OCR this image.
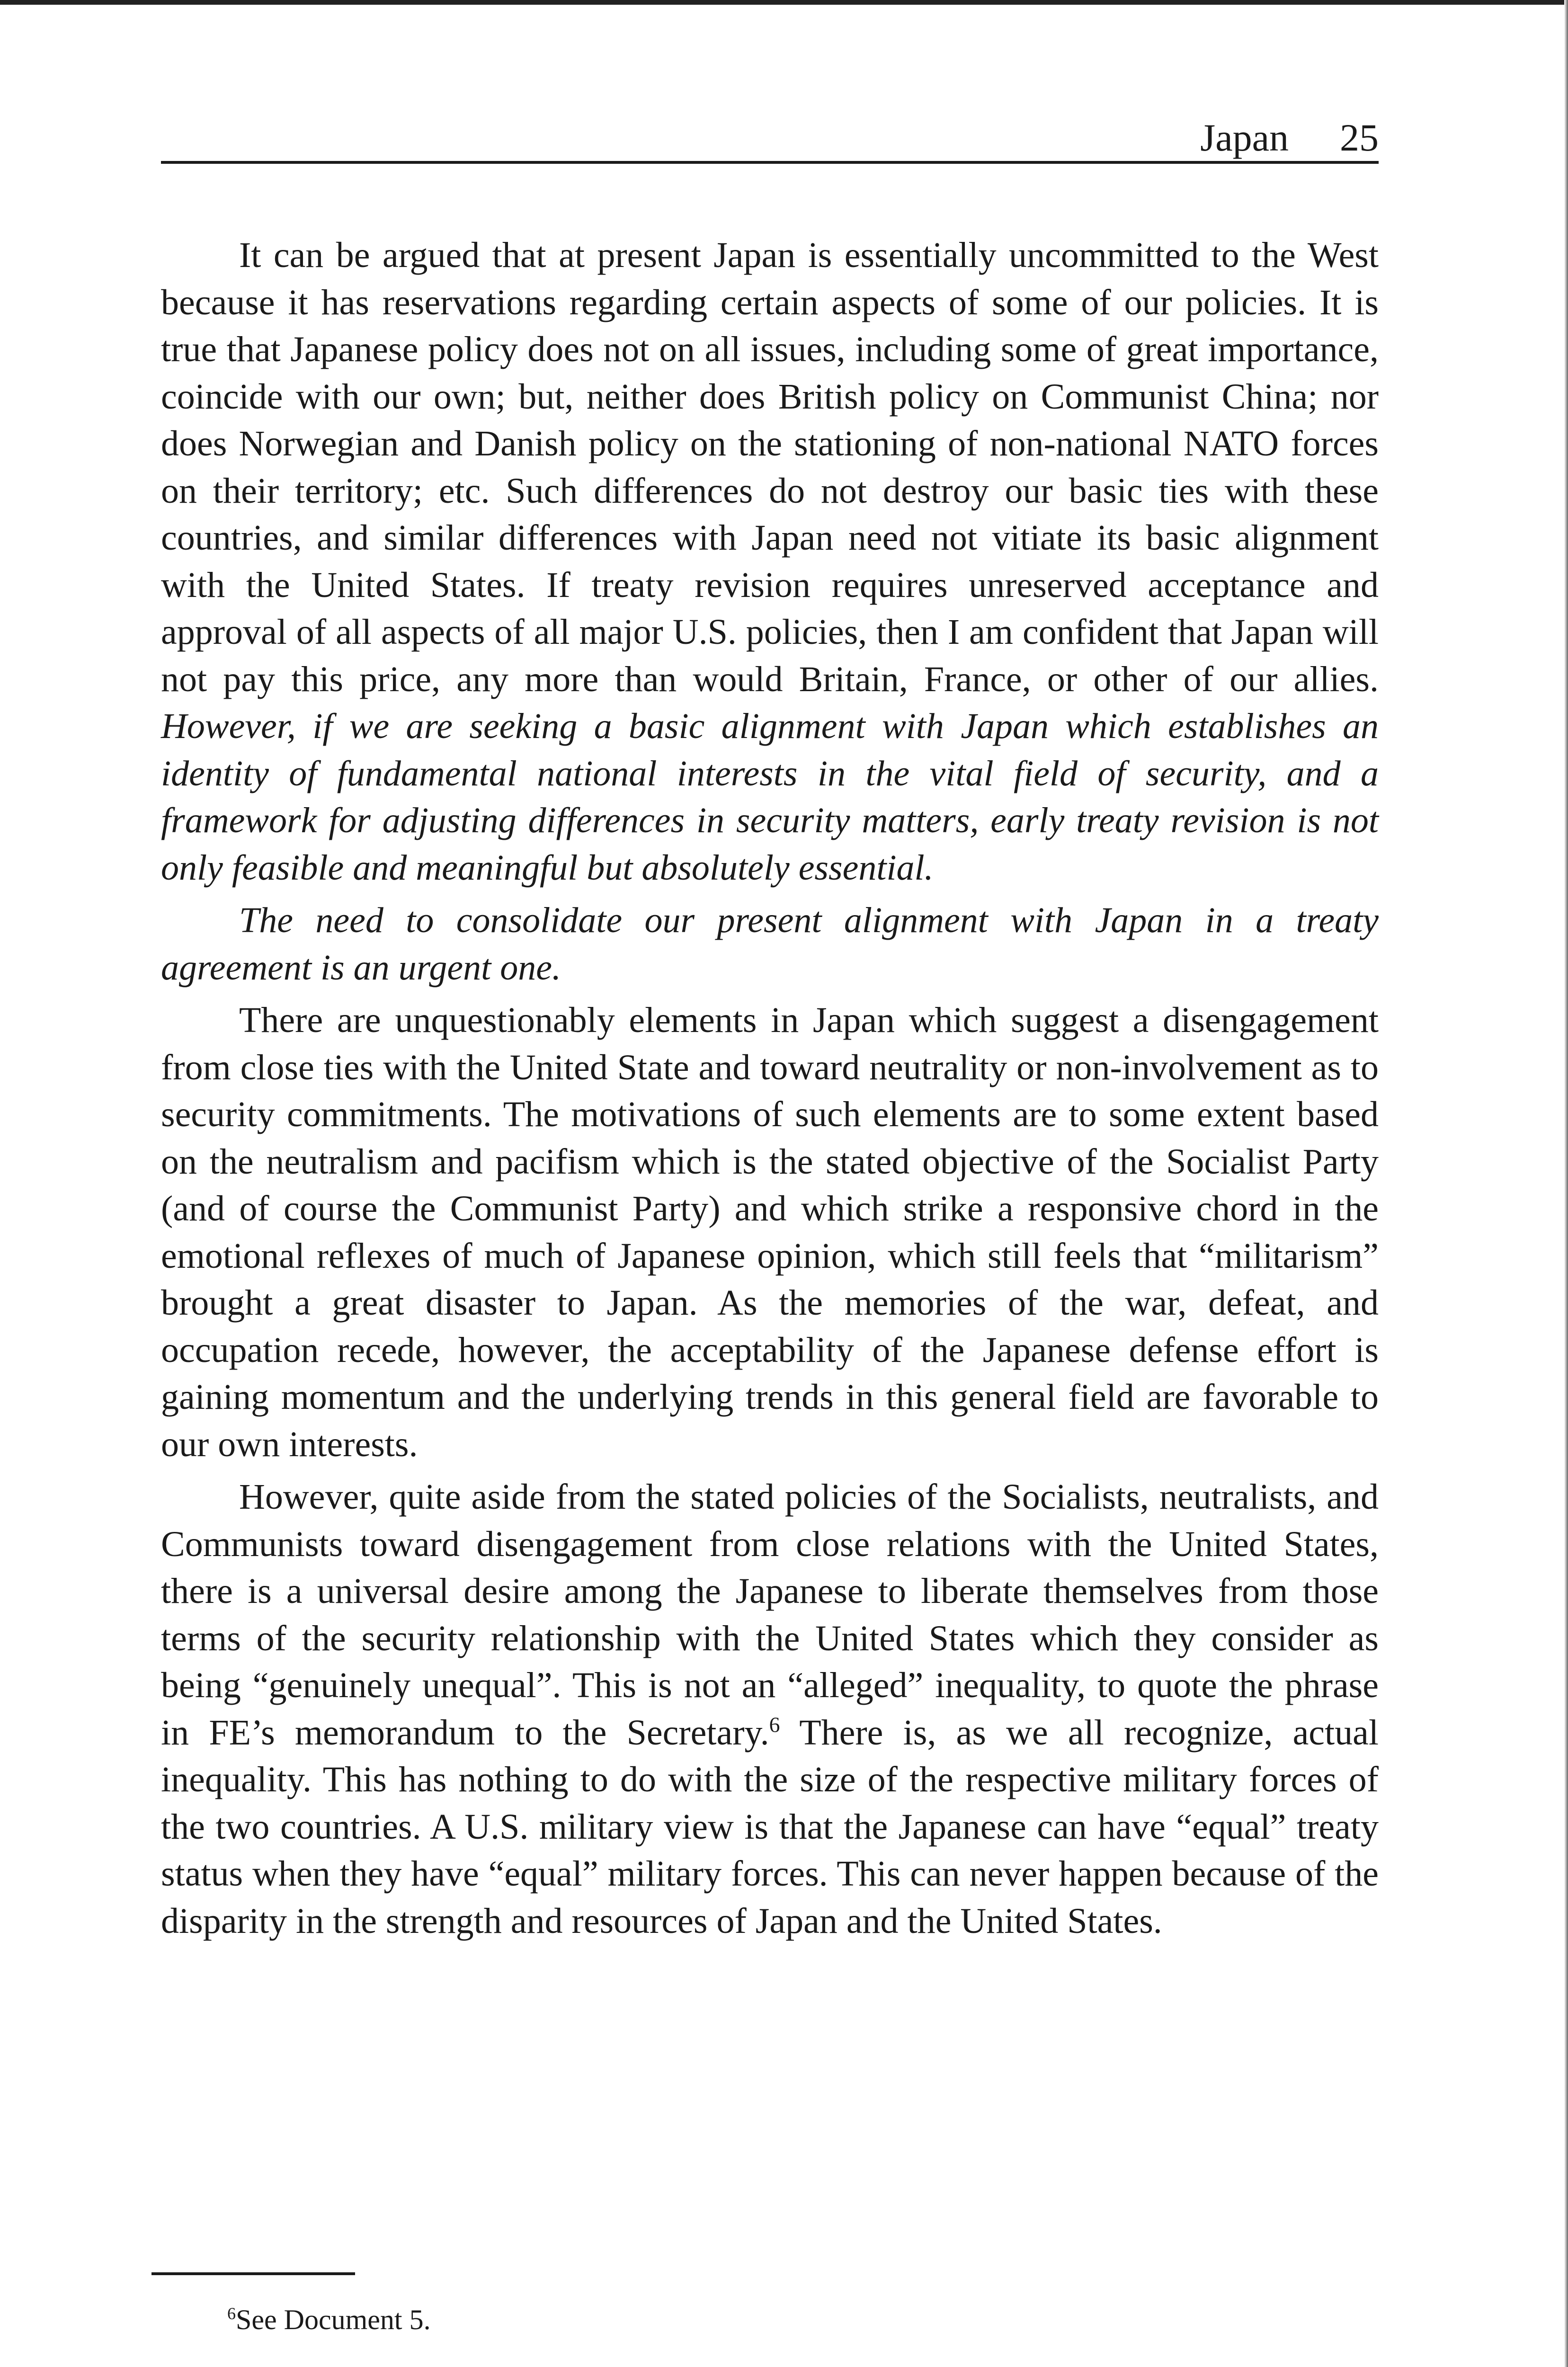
Japan 25

It can be argued that at present Japan is essentially uncommitted to the West because it has reservations regarding certain aspects of some of our policies. It is true that Japanese policy does not on all issues, including some of great importance, coincide with our own; but, neither does British policy on Communist China; nor does Norwegian and Danish policy on the stationing of non-national NATO forces on their territory; etc. Such differences do not destroy our basic ties with these countries, and similar differences with Japan need not vitiate its basic alignment with the United States. If treaty revision requires unreserved acceptance and approval of all aspects of all major U.S. policies, then I am confident that Japan will not pay this price, any more than would Britain, France, or other of our allies. However, if we are seeking a basic alignment with Japan which establishes an identity of fundamental national interests in the vital field of security, and a framework for adjusting differences in security matters, early treaty revision is not only feasible and meaningful but absolutely essential.

The need to consolidate our present alignment with Japan in a treaty agreement is an urgent one.

There are unquestionably elements in Japan which suggest a disengagement from close ties with the United State and toward neutrality or non-involvement as to security commitments. The motivations of such elements are to some extent based on the neutralism and pacifism which is the stated objective of the Socialist Party (and of course the Communist Party) and which strike a responsive chord in the emotional reflexes of much of Japanese opinion, which still feels that “militarism” brought a great disaster to Japan. As the memories of the war, defeat, and occupation recede, however, the acceptability of the Japanese defense effort is gaining momentum and the underlying trends in this general field are favorable to our own interests.

However, quite aside from the stated policies of the Socialists, neutralists, and Communists toward disengagement from close relations with the United States, there is a universal desire among the Japanese to liberate themselves from those terms of the security relationship with the United States which they consider as being “genuinely unequal”. This is not an “alleged” inequality, to quote the phrase in FE’s memorandum to the Secretary.$^6$ There is, as we all recognize, actual inequality. This has nothing to do with the size of the respective military forces of the two countries. A U.S. military view is that the Japanese can have “equal” treaty status when they have “equal” military forces. This can never happen because of the disparity in the strength and resources of Japan and the United States.

$^6$See Document 5.
